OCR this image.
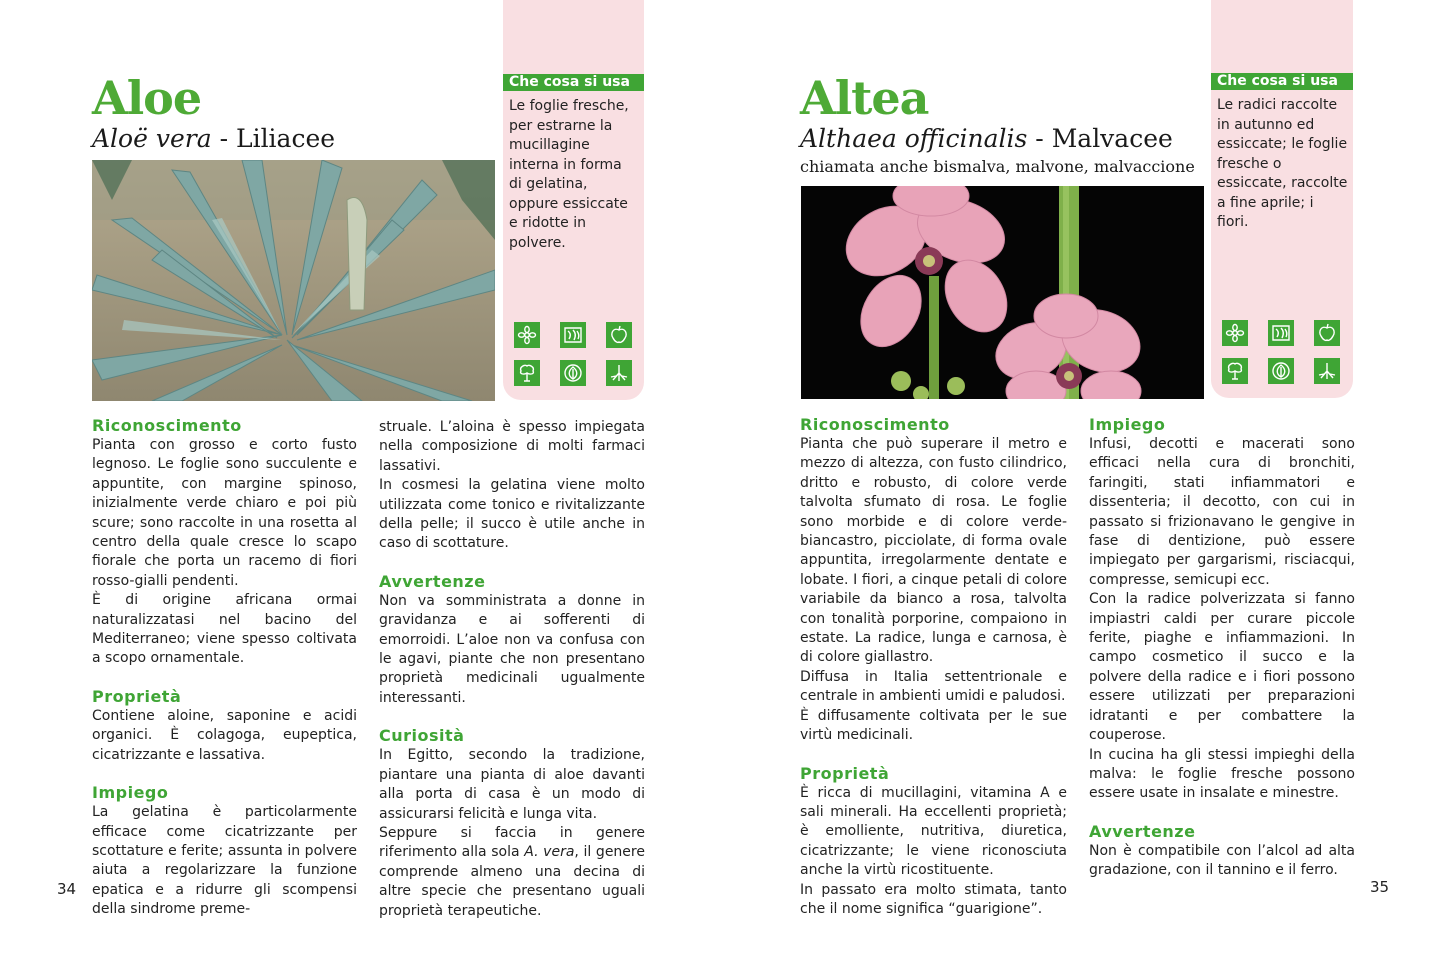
Aloe
Aloë vera - Liliacee
Che cosa si usa
Le foglie fresche, per estrarne la mucillagine interna in forma di gelatina, oppure essiccate e ridotte in polvere.
Riconoscimento

Pianta con grosso e corto fusto legnoso. Le foglie sono succulente e appuntite, con margine spinoso, inizialmente verde chiaro e poi più scure; sono raccolte in una rosetta al centro della quale cresce lo scapo fiorale che porta un racemo di fiori rosso-gialli pendenti.

È di origine africana ormai naturalizzatasi nel bacino del Mediterraneo; viene spesso coltivata a scopo ornamentale.

Proprietà

Contiene aloine, saponine e acidi organici. È colagoga, eupeptica, cicatrizzante e lassativa.

Impiego

La gelatina è particolarmente efficace come cicatrizzante per scottature e ferite; assunta in polvere aiuta a regolarizzare la funzione epatica e a ridurre gli scompensi della sindrome preme-

struale. L’aloina è spesso impiegata nella composizione di molti farmaci lassativi.

In cosmesi la gelatina viene molto utilizzata come tonico e rivitalizzante della pelle; il succo è utile anche in caso di scottature.

Avvertenze

Non va somministrata a donne in gravidanza e ai sofferenti di emorroidi. L’aloe non va confusa con le agavi, piante che non presentano proprietà medicinali ugualmente interessanti.

Curiosità

In Egitto, secondo la tradizione, piantare una pianta di aloe davanti alla porta di casa è un modo di assicurarsi felicità e lunga vita.

Seppure si faccia in genere riferimento alla sola A. vera, il genere comprende almeno una decina di altre specie che presentano uguali proprietà terapeutiche.

34
Altea
Althaea officinalis - Malvacee
chiamata anche bismalva, malvone, malvaccione
Che cosa si usa
Le radici raccolte in autunno ed essiccate; le foglie fresche o essiccate, raccolte a fine aprile; i fiori.
Riconoscimento

Pianta che può superare il metro e mezzo di altezza, con fusto cilindrico, dritto e robusto, di colore verde talvolta sfumato di rosa. Le foglie sono morbide e di colore verde-biancastro, picciolate, di forma ovale appuntita, irregolarmente dentate e lobate. I fiori, a cinque petali di colore variabile da bianco a rosa, talvolta con tonalità porporine, compaiono in estate. La radice, lunga e carnosa, è di colore giallastro.

Diffusa in Italia settentrionale e centrale in ambienti umidi e paludosi.

È diffusamente coltivata per le sue virtù medicinali.

Proprietà

È ricca di mucillagini, vitamina A e sali minerali. Ha eccellenti proprietà; è emolliente, nutritiva, diuretica, cicatrizzante; le viene riconosciuta anche la virtù ricostituente.

In passato era molto stimata, tanto che il nome significa “guarigione”.

Impiego

Infusi, decotti e macerati sono efficaci nella cura di bronchiti, faringiti, stati infiammatori e dissenteria; il decotto, con cui in passato si frizionavano le gengive in fase di dentizione, può essere impiegato per gargarismi, risciacqui, compresse, semicupi ecc.

Con la radice polverizzata si fanno impiastri caldi per curare piccole ferite, piaghe e infiammazioni. In campo cosmetico il succo e la polvere della radice e i fiori possono essere utilizzati per preparazioni idratanti e per combattere la couperose.

In cucina ha gli stessi impieghi della malva: le foglie fresche possono essere usate in insalate e minestre.

Avvertenze

Non è compatibile con l’alcol ad alta gradazione, con il tannino e il ferro.

35
